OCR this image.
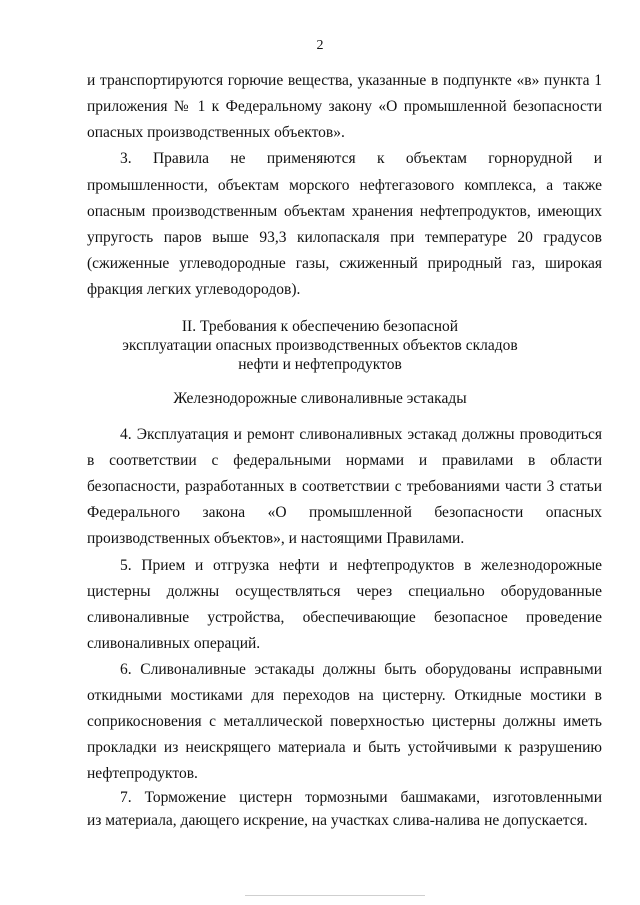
2
и транспортируются горючие вещества, указанные в подпункте «в» пункта 1
приложения № 1 к Федеральному закону «О промышленной безопасности
опасных производственных объектов».
3. Правила не применяются к объектам горнорудной и
промышленности, объектам морского нефтегазового комплекса, а также
опасным производственным объектам хранения нефтепродуктов, имеющих
упругость паров выше 93,3 килопаскаля при температуре 20 градусов
(сжиженные углеводородные газы, сжиженный природный газ, широкая
фракция легких углеводородов).
II. Требования к обеспечению безопасной
эксплуатации опасных производственных объектов складов
нефти и нефтепродуктов
Железнодорожные сливоналивные эстакады
4. Эксплуатация и ремонт сливоналивных эстакад должны проводиться
в соответствии с федеральными нормами и правилами в области
безопасности, разработанных в соответствии с требованиями части 3 статьи
Федерального закона «О промышленной безопасности опасных
производственных объектов», и настоящими Правилами.
5. Прием и отгрузка нефти и нефтепродуктов в железнодорожные
цистерны должны осуществляться через специально оборудованные
сливоналивные устройства, обеспечивающие безопасное проведение
сливоналивных операций.
6. Сливоналивные эстакады должны быть оборудованы исправными
откидными мостиками для переходов на цистерну. Откидные мостики в
соприкосновения с металлической поверхностью цистерны должны иметь
прокладки из неискрящего материала и быть устойчивыми к разрушению
нефтепродуктов.
7. Торможение цистерн тормозными башмаками, изготовленными
из материала, дающего искрение, на участках слива-налива не допускается.
